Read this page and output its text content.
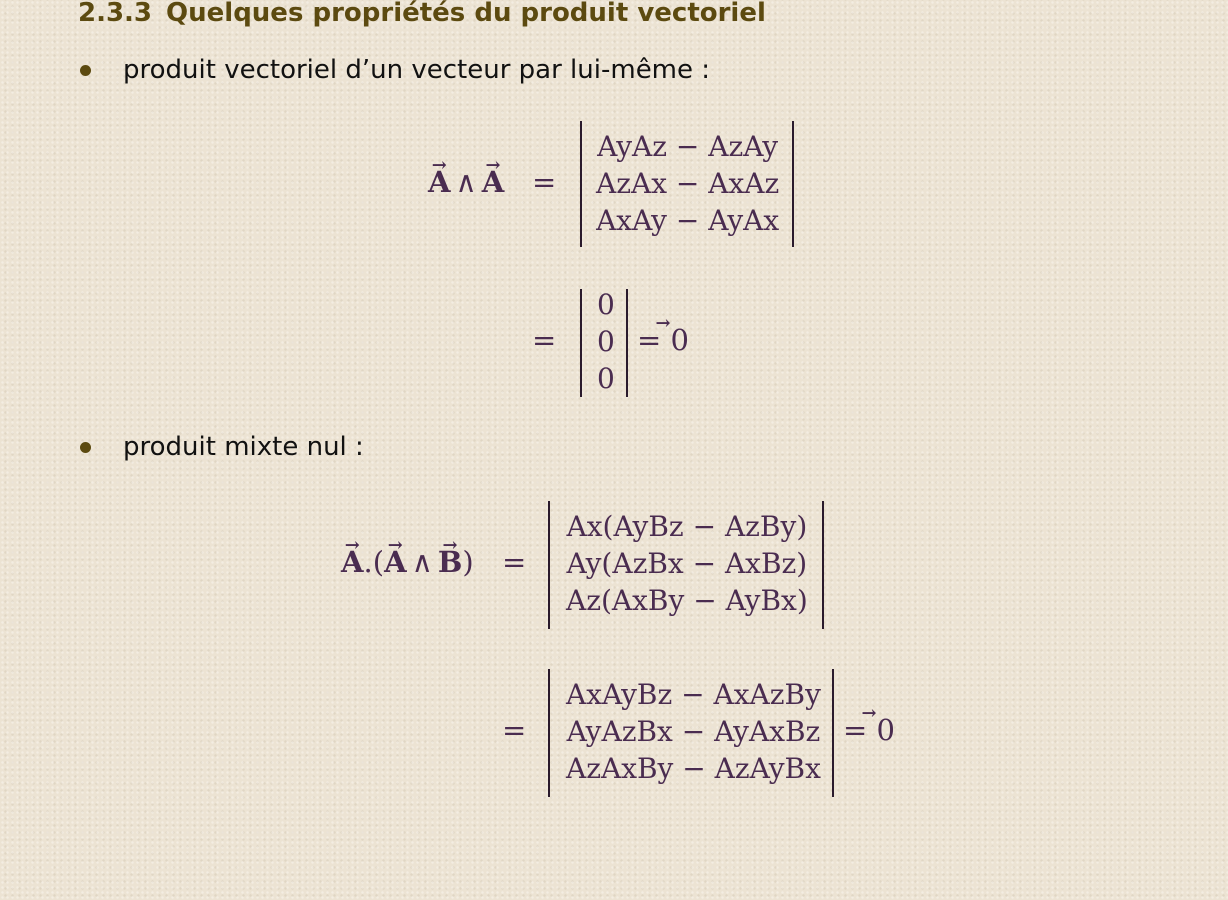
2.3.3 Quelques propriétés du produit vectoriel
produit vectoriel d’un vecteur par lui-même :
A → ∧ A → =
AyAz − AzAy
AzAx − AxAz
AxAy − AyAx
=
0
0
0
= 0 →
produit mixte nul :
A →.(A → ∧ B →) =
Ax(AyBz − AzBy)
Ay(AzBx − AxBz)
Az(AxBy − AyBx)
=
AxAyBz − AxAzBy
AyAzBx − AyAxBz
AzAxBy − AzAyBx
= 0 →
